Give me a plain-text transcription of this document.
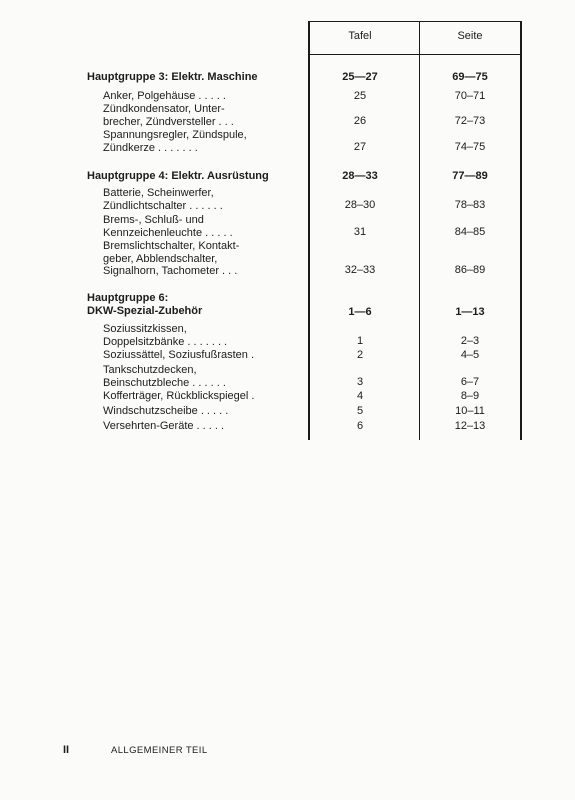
Tafel	Seite
Hauptgruppe 3: Elektr. Maschine	25—27	69—75
Anker, Polgehäuse . . . . .	25	70–71
Zündkondensator, Unter-
brecher, Zündversteller . . .	26	72–73
Spannungsregler, Zündspule,
Zündkerze . . . . . . .	27	74–75
Hauptgruppe 4: Elektr. Ausrüstung	28—33	77—89
Batterie, Scheinwerfer,
Zündlichtschalter . . . . . .	28–30	78–83
Brems-, Schluß- und
Kennzeichenleuchte . . . . .	31	84–85
Bremslichtschalter, Kontakt-
geber, Abblendschalter,
Signalhorn, Tachometer . . .	32–33	86–89
Hauptgruppe 6:
DKW-Spezial-Zubehör	1—6	1—13
Soziussitzkissen,
Doppelsitzbänke . . . . . . .	1	2–3
Soziussättel, Soziusfußrasten .	2	4–5
Tankschutzdecken,
Beinschutzbleche . . . . . .	3	6–7
Kofferträger, Rückblickspiegel .	4	8–9
Windschutzscheibe . . . . .	5	10–11
Versehrten-Geräte . . . . .	6	12–13
II	ALLGEMEINER TEIL
